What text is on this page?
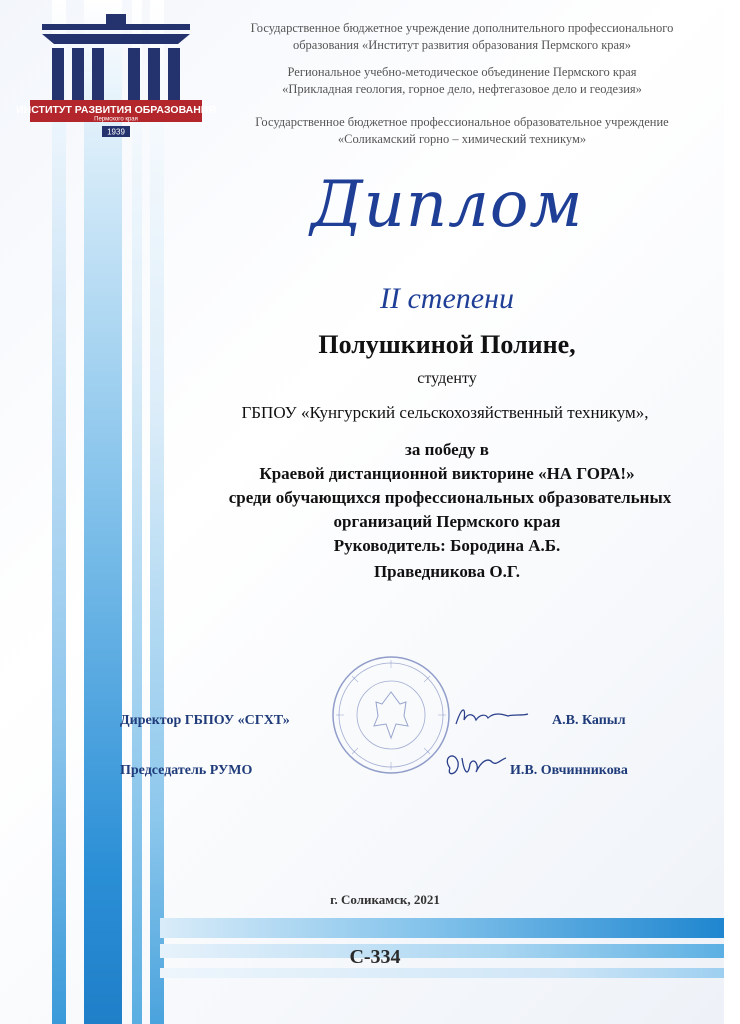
ИНСТИТУТ РАЗВИТИЯ ОБРАЗОВАНИЯ
Пермского края
1939
Государственное бюджетное учреждение дополнительного профессионального
образования «Институт развития образования Пермского края»
Региональное учебно-методическое объединение Пермского края
«Прикладная геология, горное дело, нефтегазовое дело и геодезия»
Государственное бюджетное профессиональное образовательное учреждение
«Соликамский горно – химический техникум»
Диплом
II степени
Полушкиной Полине,
студенту
ГБПОУ «Кунгурский сельскохозяйственный техникум»,
за победу в
Краевой дистанционной викторине «НА ГОРА!»
среди обучающихся профессиональных образовательных
организаций Пермского края
Руководитель: Бородина А.Б.
Праведникова О.Г.
Директор ГБПОУ «СГХТ»	А.В. Капыл
Председатель РУМО	И.В. Овчинникова
г. Соликамск, 2021
С-334
